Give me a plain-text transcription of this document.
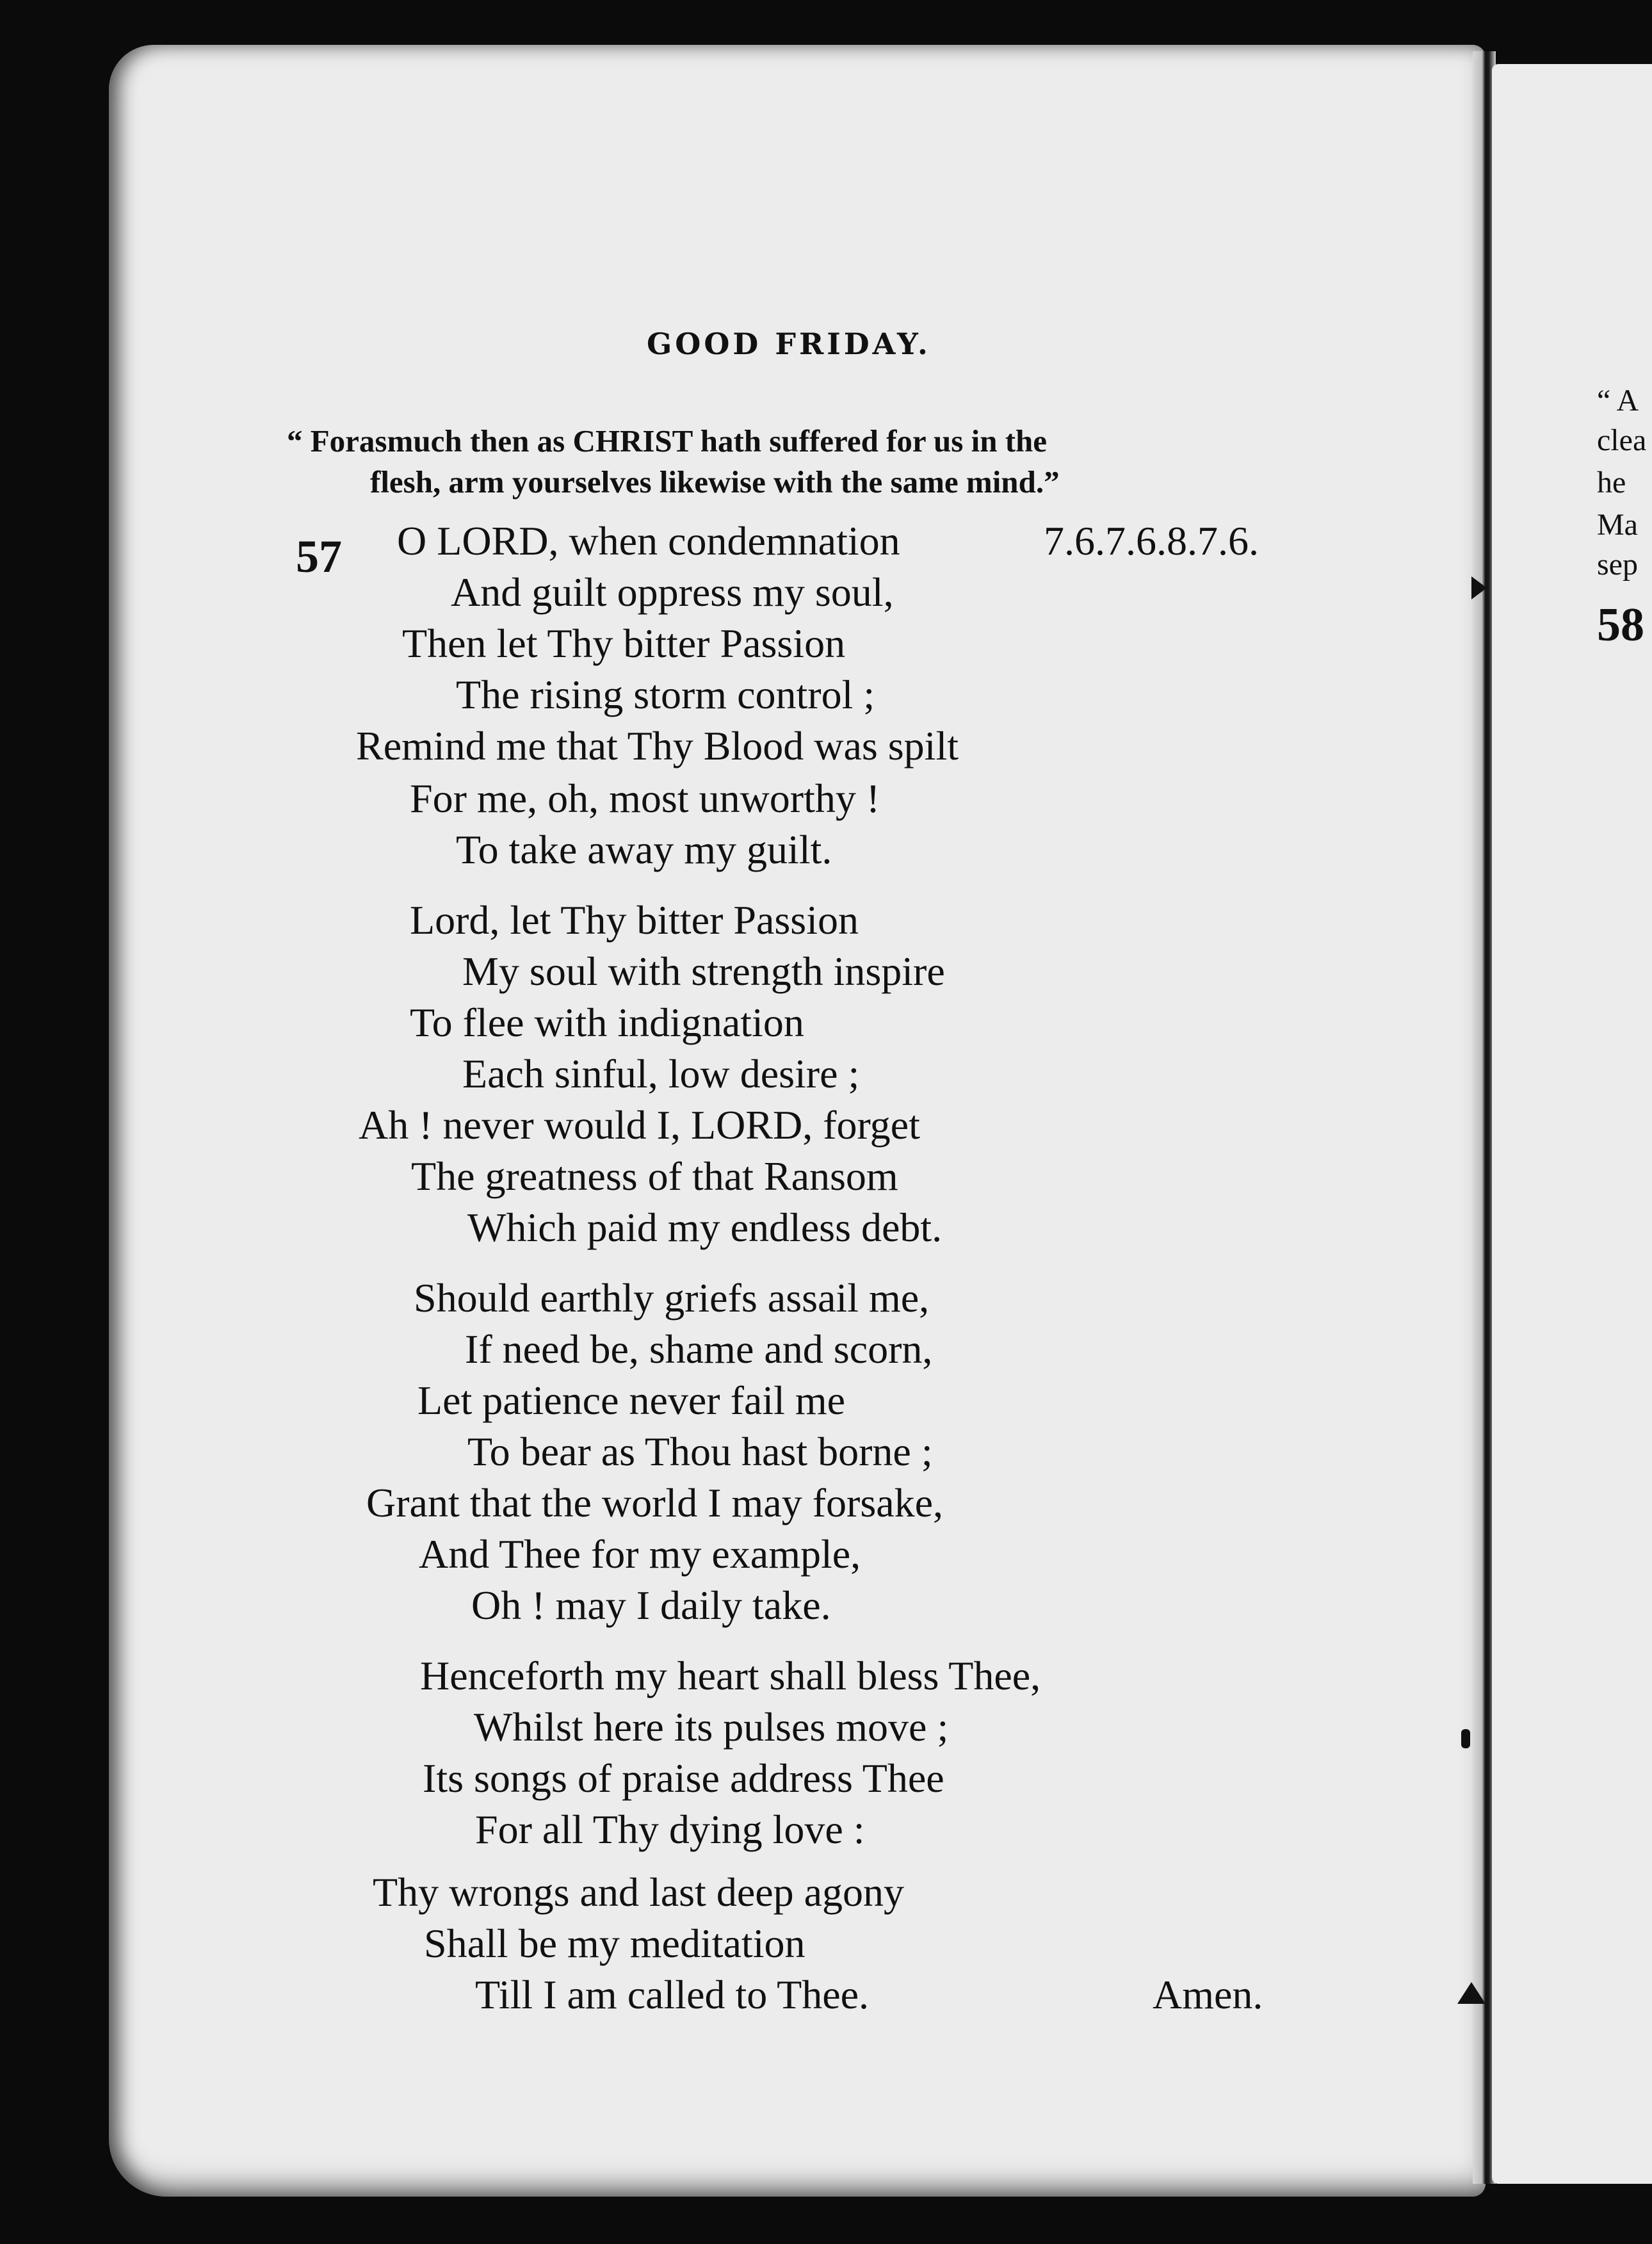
GOOD FRIDAY.
“ Forasmuch then as CHRIST hath suffered for us in the
flesh, arm yourselves likewise with the same mind.”
57	7.6.7.6.8.7.6.
O LORD, when condemnation
And guilt oppress my soul,
Then let Thy bitter Passion
The rising storm control ;
Remind me that Thy Blood was spilt
For me, oh, most unworthy !
To take away my guilt.
Lord, let Thy bitter Passion
My soul with strength inspire
To flee with indignation
Each sinful, low desire ;
Ah ! never would I, LORD, forget
The greatness of that Ransom
Which paid my endless debt.
Should earthly griefs assail me,
If need be, shame and scorn,
Let patience never fail me
To bear as Thou hast borne ;
Grant that the world I may forsake,
And Thee for my example,
Oh ! may I daily take.
Henceforth my heart shall bless Thee,
Whilst here its pulses move ;
Its songs of praise address Thee
For all Thy dying love :
Thy wrongs and last deep agony
Shall be my meditation
Till I am called to Thee.	Amen.
“ A
clea
he
Ma
sep
58
